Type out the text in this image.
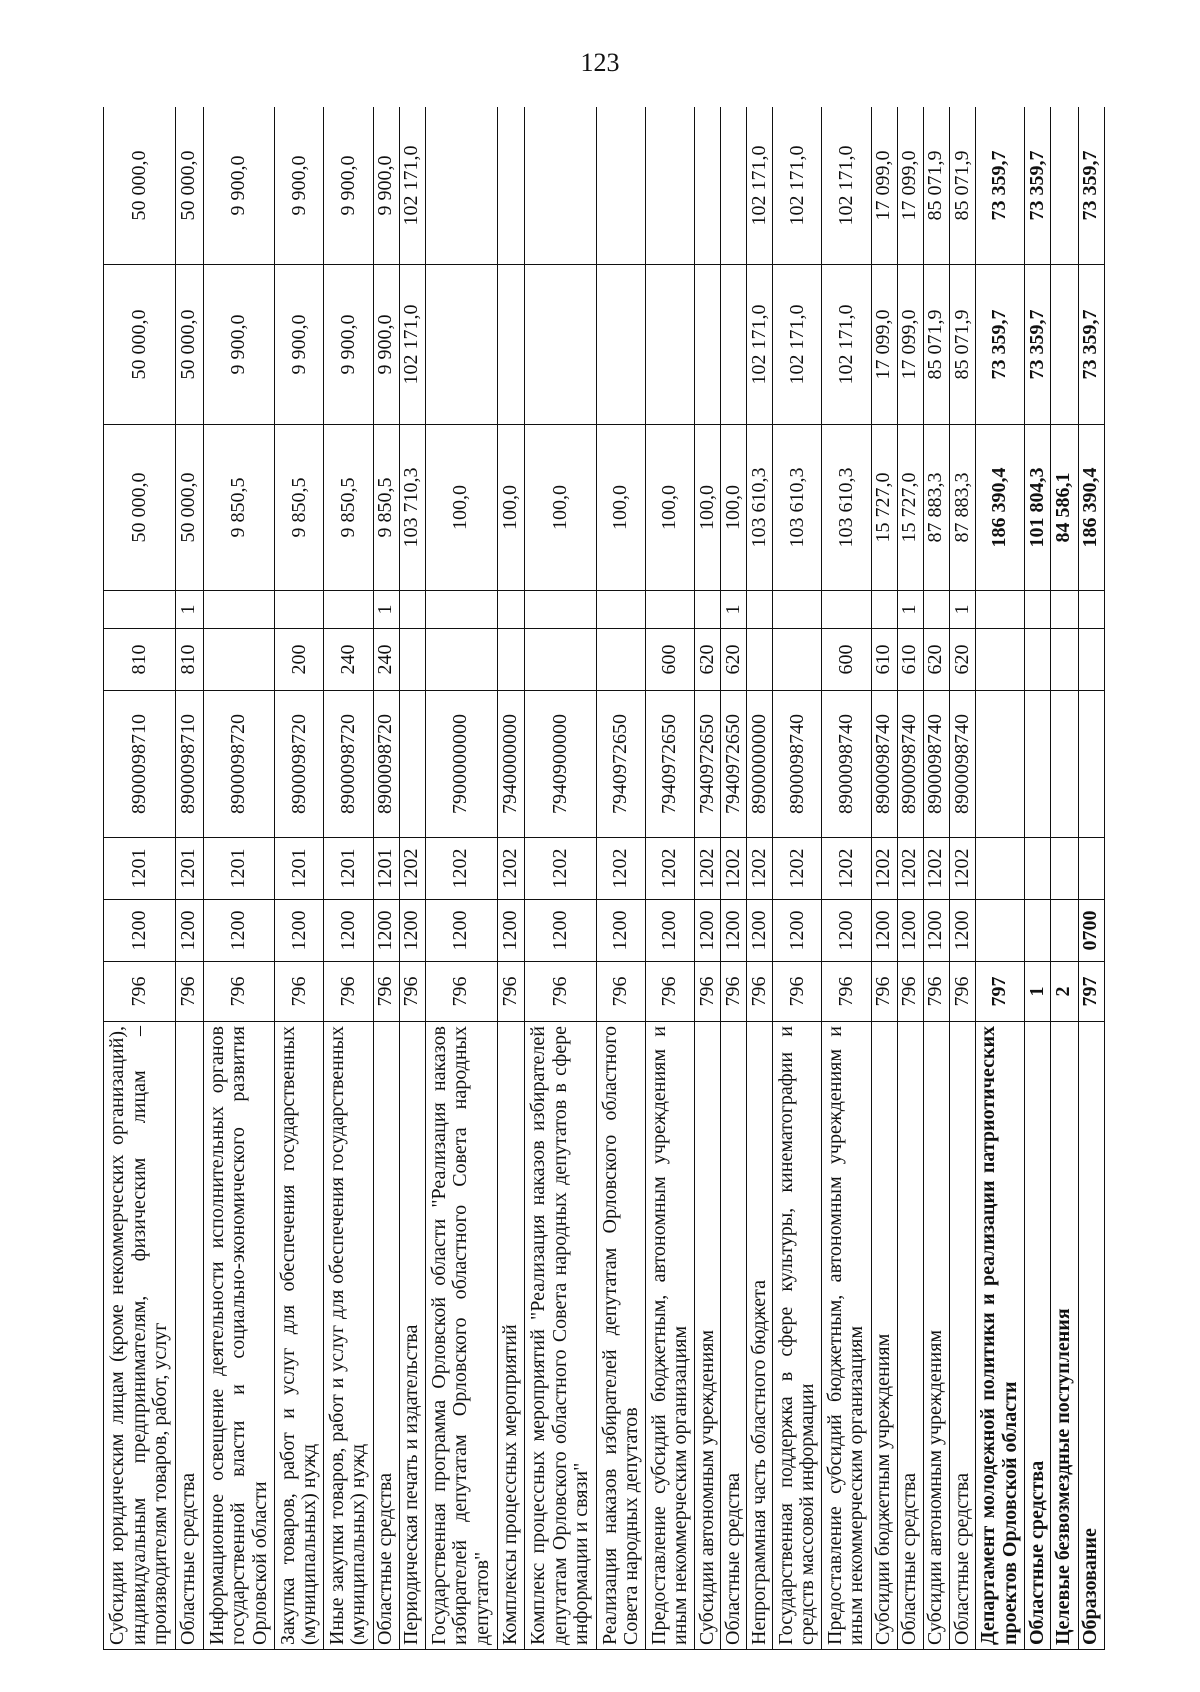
123
Субсидии юридическим лицам (кроме некоммерческих организаций), индивидуальным предпринимателям, физическим лицам – производителям товаров, работ, услуг	796	1200	1201	8900098710	810		50 000,0	50 000,0	50 000,0
Областные средства	796	1200	1201	8900098710	810	1	50 000,0	50 000,0	50 000,0
Информационное освещение деятельности исполнительных органов государственной власти и социально-экономического развития Орловской области	796	1200	1201	8900098720			9 850,5	9 900,0	9 900,0
Закупка товаров, работ и услуг для обеспечения государственных (муниципальных) нужд	796	1200	1201	8900098720	200		9 850,5	9 900,0	9 900,0
Иные закупки товаров, работ и услуг для обеспечения государственных (муниципальных) нужд	796	1200	1201	8900098720	240		9 850,5	9 900,0	9 900,0
Областные средства	796	1200	1201	8900098720	240	1	9 850,5	9 900,0	9 900,0
Периодическая печать и издательства	796	1200	1202				103 710,3	102 171,0	102 171,0
Государственная программа Орловской области "Реализация наказов избирателей депутатам Орловского областного Совета народных депутатов"	796	1200	1202	7900000000			100,0		
Комплексы процессных мероприятий	796	1200	1202	7940000000			100,0		
Комплекс процессных мероприятий "Реализация наказов избирателей депутатам Орловского областного Совета народных депутатов в сфере информации и связи"	796	1200	1202	7940900000			100,0		
Реализация наказов избирателей депутатам Орловского областного Совета народных депутатов	796	1200	1202	7940972650			100,0		
Предоставление субсидий бюджетным, автономным учреждениям и иным некоммерческим организациям	796	1200	1202	7940972650	600		100,0		
Субсидии автономным учреждениям	796	1200	1202	7940972650	620		100,0		
Областные средства	796	1200	1202	7940972650	620	1	100,0		
Непрограммная часть областного бюджета	796	1200	1202	8900000000			103 610,3	102 171,0	102 171,0
Государственная поддержка в сфере культуры, кинематографии и средств массовой информации	796	1200	1202	8900098740			103 610,3	102 171,0	102 171,0
Предоставление субсидий бюджетным, автономным учреждениям и иным некоммерческим организациям	796	1200	1202	8900098740	600		103 610,3	102 171,0	102 171,0
Субсидии бюджетным учреждениям	796	1200	1202	8900098740	610		15 727,0	17 099,0	17 099,0
Областные средства	796	1200	1202	8900098740	610	1	15 727,0	17 099,0	17 099,0
Субсидии автономным учреждениям	796	1200	1202	8900098740	620		87 883,3	85 071,9	85 071,9
Областные средства	796	1200	1202	8900098740	620	1	87 883,3	85 071,9	85 071,9
Департамент молодежной политики и реализации патриотических проектов Орловской области	797						186 390,4	73 359,7	73 359,7
Областные средства	1						101 804,3	73 359,7	73 359,7
Целевые безвозмездные поступления	2						84 586,1		
Образование	797	0700					186 390,4	73 359,7	73 359,7
